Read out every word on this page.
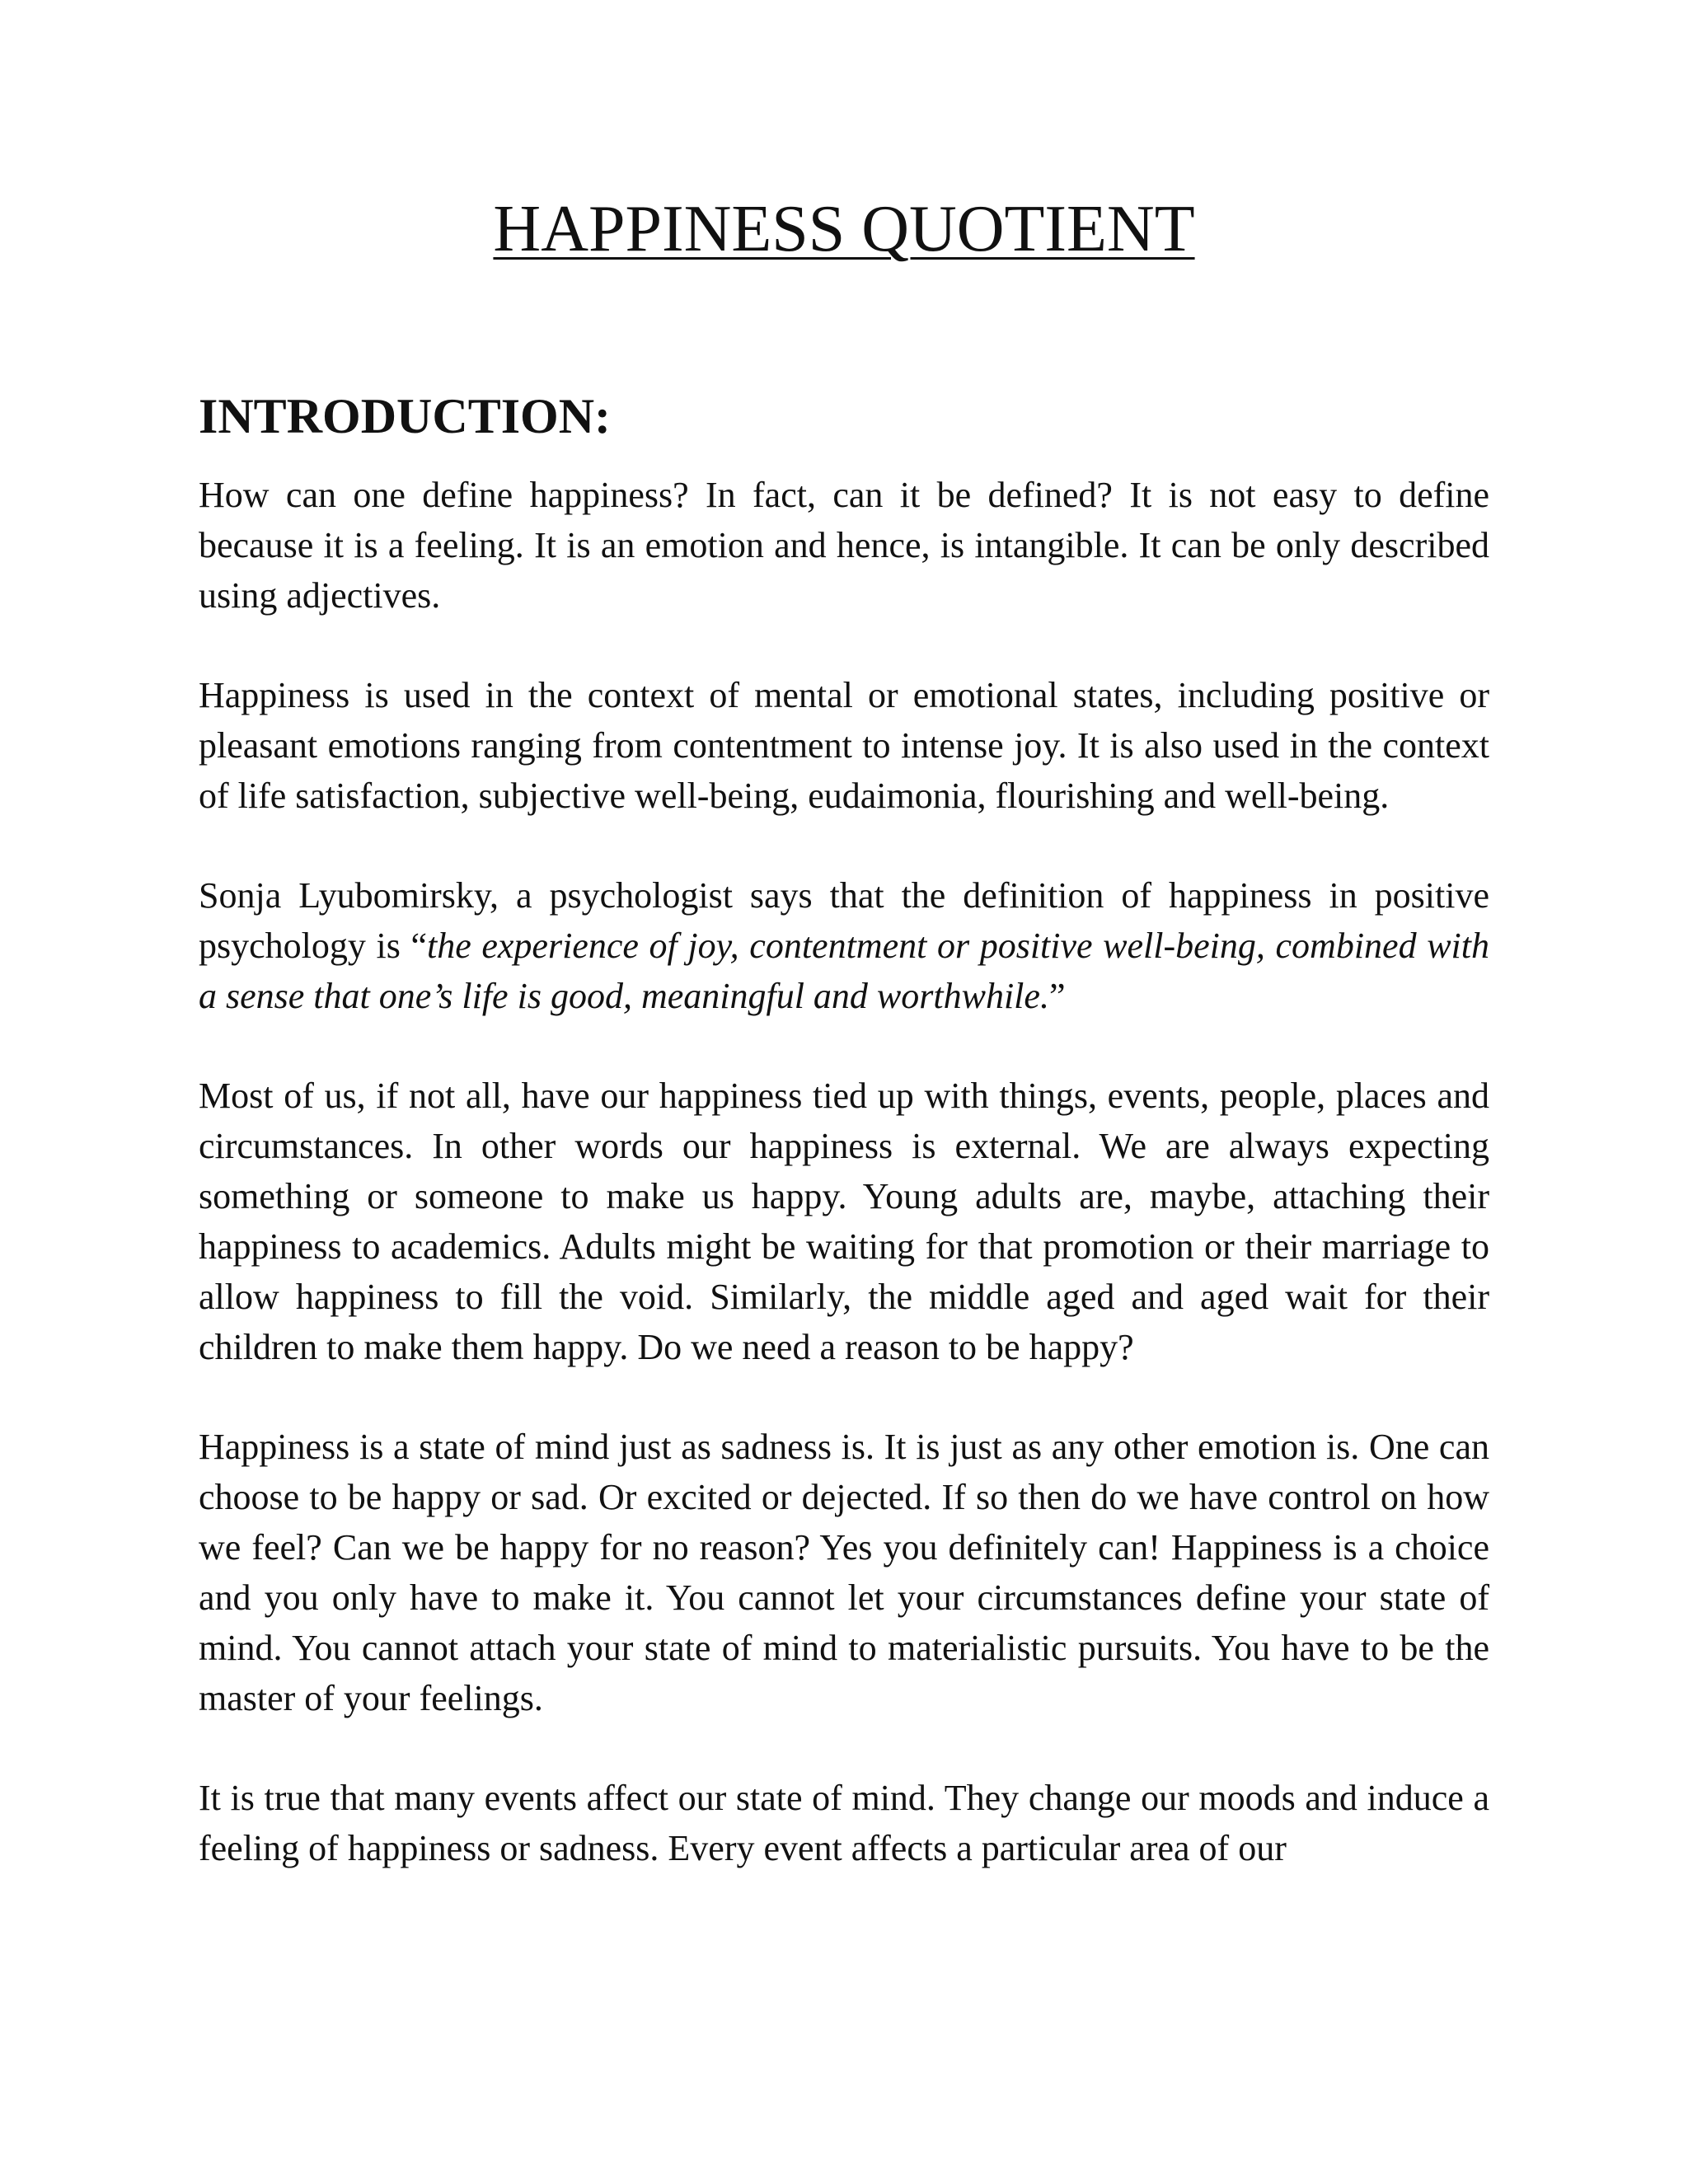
HAPPINESS QUOTIENT
INTRODUCTION:

How can one define happiness? In fact, can it be defined? It is not easy to define because it is a feeling. It is an emotion and hence, is intangible. It can be only described using adjectives.

Happiness is used in the context of mental or emotional states, including positive or pleasant emotions ranging from contentment to intense joy. It is also used in the context of life satisfaction, subjective well-being, eudaimonia, flourishing and well-being.

Sonja Lyubomirsky, a psychologist says that the definition of happiness in positive psychology is “the experience of joy, contentment or positive well-being, combined with a sense that one’s life is good, meaningful and worthwhile.”

Most of us, if not all, have our happiness tied up with things, events, people, places and circumstances. In other words our happiness is external. We are always expecting something or someone to make us happy. Young adults are, maybe, attaching their happiness to academics. Adults might be waiting for that promotion or their marriage to allow happiness to fill the void. Similarly, the middle aged and aged wait for their children to make them happy. Do we need a reason to be happy?

Happiness is a state of mind just as sadness is. It is just as any other emotion is. One can choose to be happy or sad. Or excited or dejected. If so then do we have control on how we feel? Can we be happy for no reason? Yes you definitely can! Happiness is a choice and you only have to make it. You cannot let your circumstances define your state of mind. You cannot attach your state of mind to materialistic pursuits. You have to be the master of your feelings.

It is true that many events affect our state of mind. They change our moods and induce a feeling of happiness or sadness. Every event affects a particular area of our
